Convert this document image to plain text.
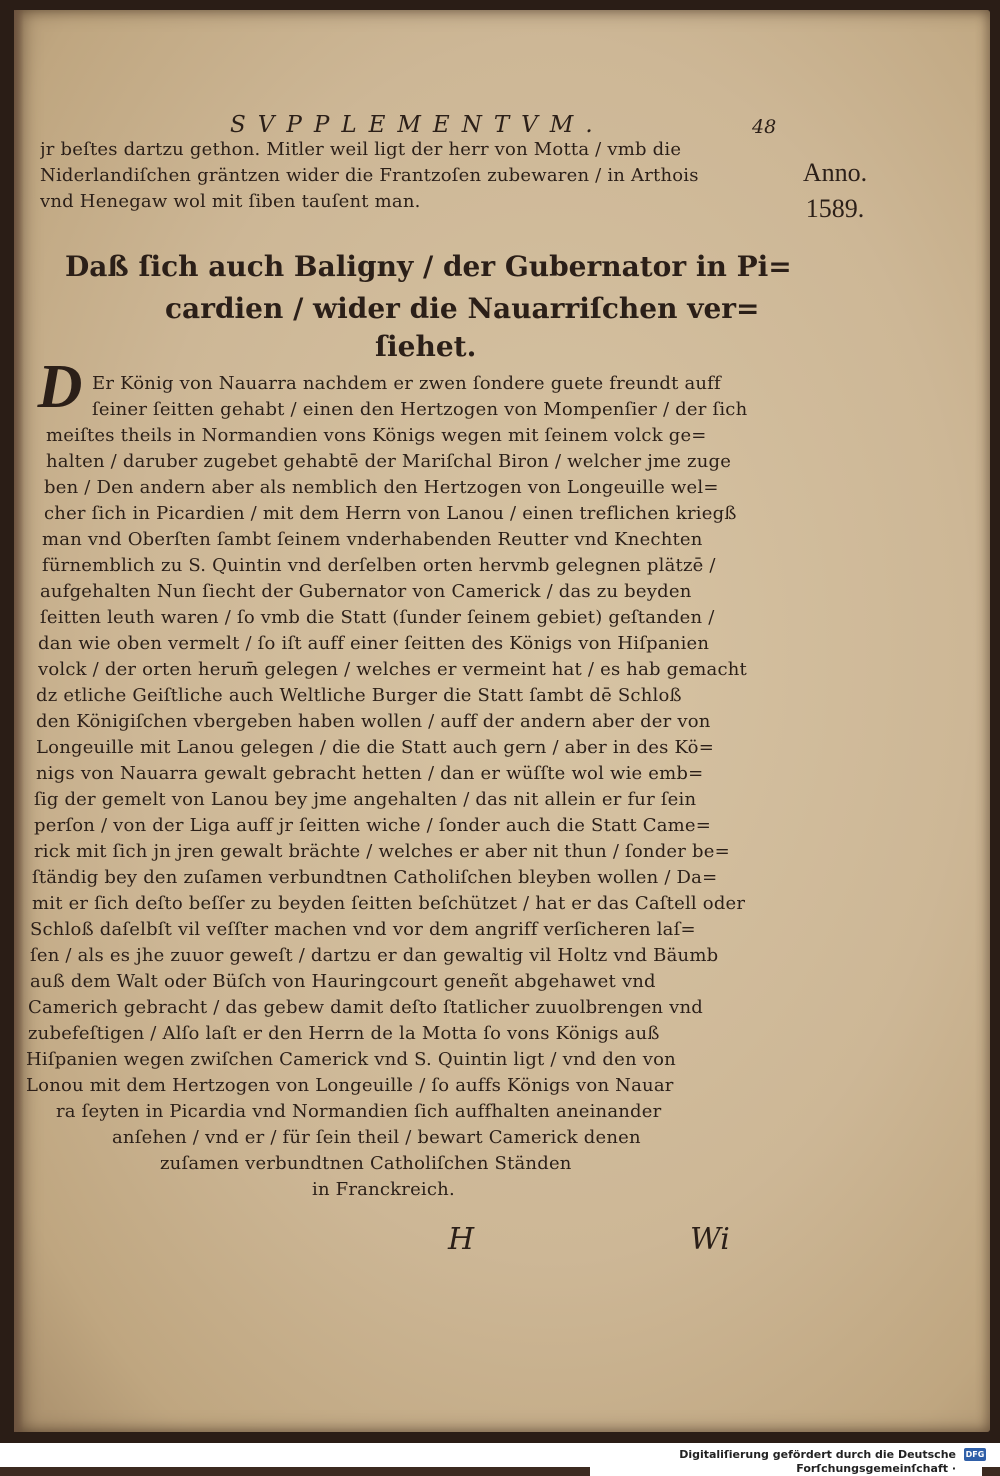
SVPPLEMENTVM.	48
Anno.
1589.
jr beſtes dartzu gethon. Mitler weil ligt der herr von Motta / vmb die
Niderlandiſchen gräntzen wider die Frantzoſen zubewaren / in Arthois
vnd Henegaw wol mit ſiben tauſent man.
Daß ſich auch Baligny / der Gubernator in Pi=
cardien / wider die Nauarriſchen ver=
ſiehet.
D Er König von Nauarra nachdem er zwen ſondere guete freundt auff
ſeiner ſeitten gehabt / einen den Hertzogen von Mompenſier / der ſich
meiſtes theils in Normandien vons Königs wegen mit ſeinem volck ge=
halten / daruber zugebet gehabtē der Mariſchal Biron / welcher jme zuge
ben / Den andern aber als nemblich den Hertzogen von Longeuille wel=
cher ſich in Picardien / mit dem Herrn von Lanou / einen treflichen kriegß
man vnd Oberſten ſambt ſeinem vnderhabenden Reutter vnd Knechten
fürnemblich zu S. Quintin vnd derſelben orten hervmb gelegnen plätzē /
aufgehalten Nun ſiecht der Gubernator von Camerick / das zu beyden
ſeitten leuth waren / ſo vmb die Statt (ſunder ſeinem gebiet) geſtanden /
dan wie oben vermelt / ſo iſt auff einer ſeitten des Königs von Hiſpanien
volck / der orten herum̄ gelegen / welches er vermeint hat / es hab gemacht
dz etliche Geiſtliche auch Weltliche Burger die Statt ſambt dē Schloß
den Königiſchen vbergeben haben wollen / auff der andern aber der von
Longeuille mit Lanou gelegen / die die Statt auch gern / aber in des Kö=
nigs von Nauarra gewalt gebracht hetten / dan er wüſſte wol wie emb=
ſig der gemelt von Lanou bey jme angehalten / das nit allein er fur ſein
perſon / von der Liga auff jr ſeitten wiche / ſonder auch die Statt Came=
rick mit ſich jn jren gewalt brächte / welches er aber nit thun / ſonder be=
ſtändig bey den zuſamen verbundtnen Catholiſchen bleyben wollen / Da=
mit er ſich deſto beſſer zu beyden ſeitten beſchützet / hat er das Caſtell oder
Schloß daſelbſt vil veſſter machen vnd vor dem angriff verſicheren laſ=
ſen / als es jhe zuuor geweſt / dartzu er dan gewaltig vil Holtz vnd Bäumb
auß dem Walt oder Büſch von Hauringcourt geneñt abgehawet vnd
Camerich gebracht / das gebew damit deſto ſtatlicher zuuolbrengen vnd
zubefeſtigen / Alſo laſt er den Herrn de la Motta ſo vons Königs auß
Hiſpanien wegen zwiſchen Camerick vnd S. Quintin ligt / vnd den von
Lonou mit dem Hertzogen von Longeuille / ſo auffs Königs von Nauar
ra ſeyten in Picardia vnd Normandien ſich auffhalten aneinander
anſehen / vnd er / für ſein theil / bewart Camerick denen
zuſamen verbundtnen Catholiſchen Ständen
in Franckreich.
H	Wi
Digitaliſierung gefördert durch die Deutsche Forſchungsgemeinſchaft ·
DFG
